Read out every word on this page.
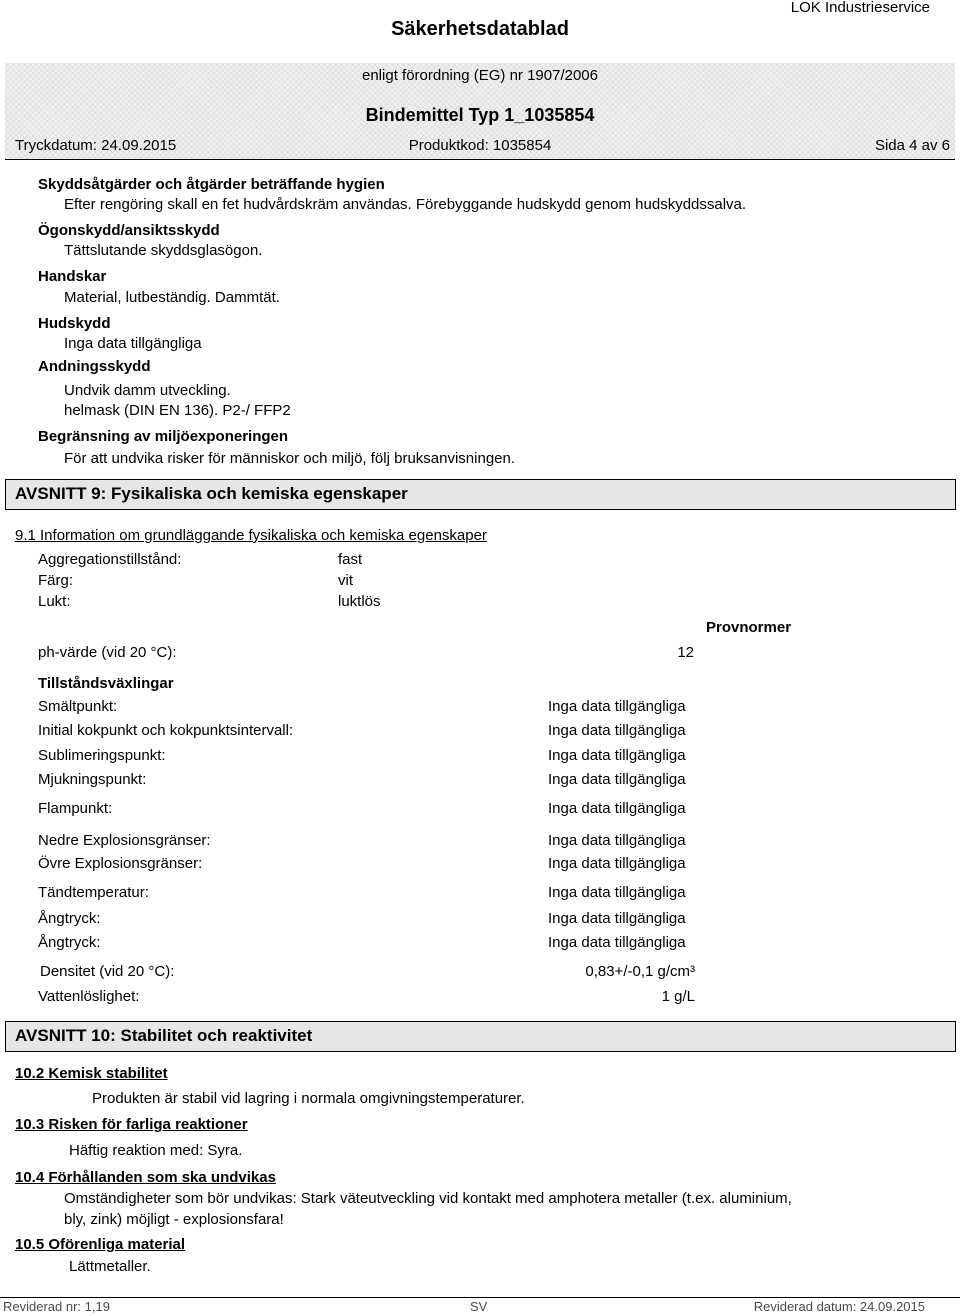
Säkerhetsdatablad
LOK Industrieservice
enligt förordning (EG) nr 1907/2006
Bindemittel Typ 1_1035854
Tryckdatum: 24.09.2015	Produktkod: 1035854	Sida 4 av 6
Skyddsåtgärder och åtgärder beträffande hygien
Efter rengöring skall en fet hudvårdskräm användas. Förebyggande hudskydd genom hudskyddssalva.
Ögonskydd/ansiktsskydd
Tättslutande skyddsglasögon.
Handskar
Material, lutbeständig. Dammtät.
Hudskydd
Inga data tillgängliga
Andningsskydd
Undvik damm utveckling.
helmask (DIN EN 136). P2-/ FFP2
Begränsning av miljöexponeringen
För att undvika risker för människor och miljö, följ bruksanvisningen.
AVSNITT 9: Fysikaliska och kemiska egenskaper
9.1 Information om grundläggande fysikaliska och kemiska egenskaper
Aggregationstillstånd:	fast
Färg:	vit
Lukt:	luktlös
Provnormer
ph-värde (vid 20 °C):	12
Tillståndsväxlingar
Smältpunkt:	Inga data tillgängliga
Initial kokpunkt och kokpunktsintervall:	Inga data tillgängliga
Sublimeringspunkt:	Inga data tillgängliga
Mjukningspunkt:	Inga data tillgängliga
Flampunkt:	Inga data tillgängliga
Nedre Explosionsgränser:	Inga data tillgängliga
Övre Explosionsgränser:	Inga data tillgängliga
Tändtemperatur:	Inga data tillgängliga
Ångtryck:	Inga data tillgängliga
Ångtryck:	Inga data tillgängliga
Densitet (vid 20 °C):	0,83+/-0,1 g/cm³
Vattenlöslighet:	1 g/L
AVSNITT 10: Stabilitet och reaktivitet
10.2 Kemisk stabilitet
Produkten är stabil vid lagring i normala omgivningstemperaturer.
10.3 Risken för farliga reaktioner
Häftig reaktion med: Syra.
10.4 Förhållanden som ska undvikas
Omständigheter som bör undvikas: Stark väteutveckling vid kontakt med amphotera metaller (t.ex. aluminium,
bly, zink) möjligt - explosionsfara!
10.5 Oförenliga material
Lättmetaller.
Reviderad nr: 1,19	SV	Reviderad datum: 24.09.2015
